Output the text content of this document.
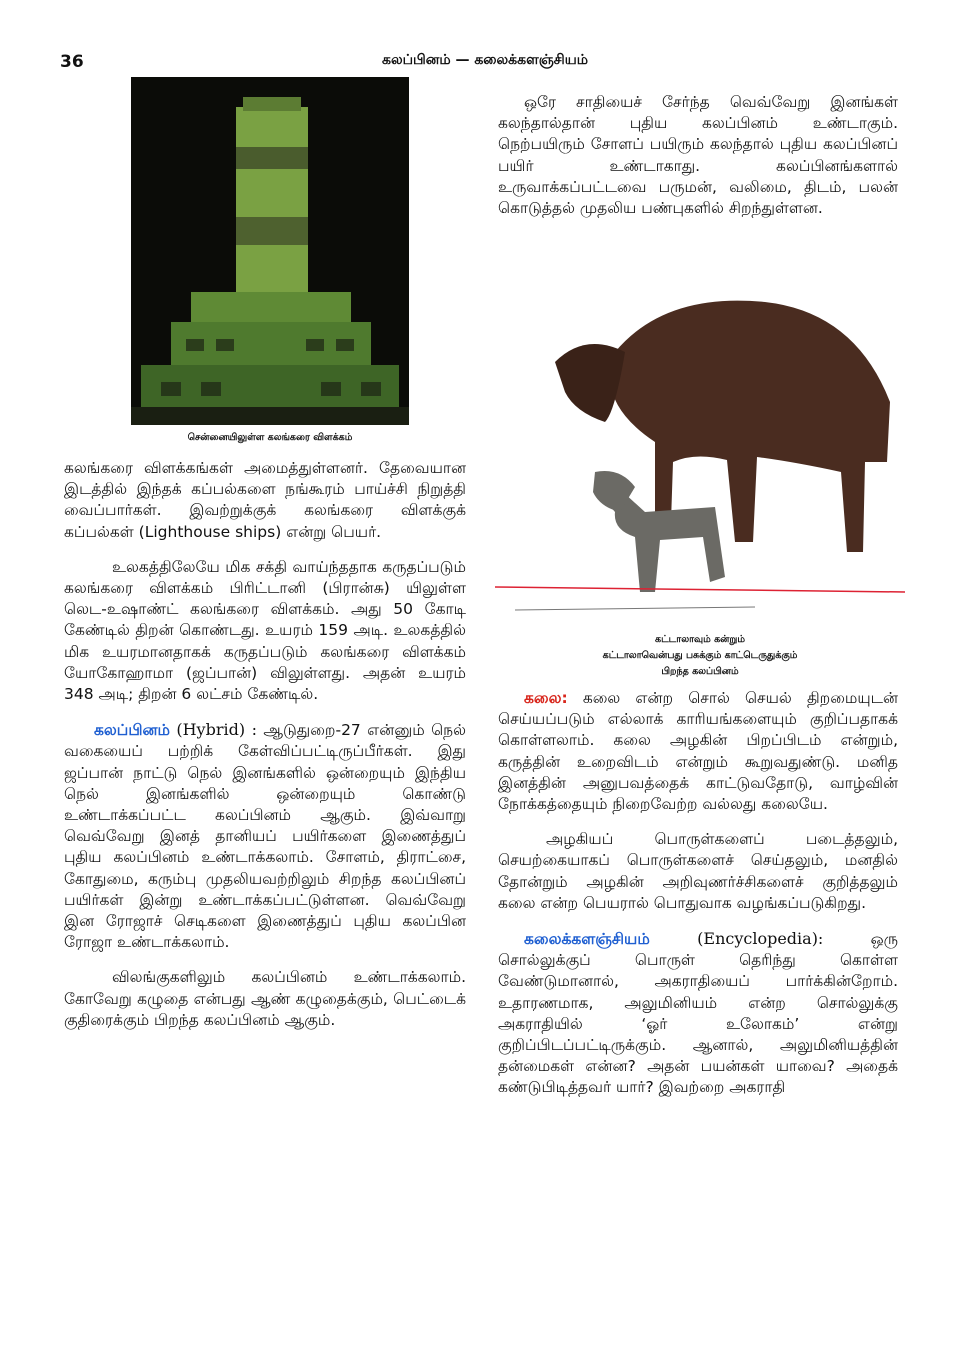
36	கலப்பினம் — கலைக்களஞ்சியம்
சென்னையிலுள்ள கலங்கரை விளக்கம்
கட்டாலாவும் கன்றும்
கட்டாலாவென்பது பசுக்கும் காட்டெருதுக்கும்
பிறந்த கலப்பினம்

கலங்கரை விளக்கங்கள் அமைத்துள்ளனர். தேவையான இடத்தில் இந்தக் கப்பல்களை நங்கூரம் பாய்ச்சி நிறுத்தி வைப்பார்கள். இவற்றுக்குக் கலங்கரை விளக்குக் கப்பல்கள் (Lighthouse ships) என்று பெயர்.

உலகத்திலேயே மிக சக்தி வாய்ந்ததாக கருதப்படும் கலங்கரை விளக்கம் பிரிட்டானி (பிரான்சு) யிலுள்ள லெட-உஷாண்ட் கலங்கரை விளக்கம். அது 50 கோடி கேண்டில் திறன் கொண்டது. உயரம் 159 அடி. உலகத்தில் மிக உயரமானதாகக் கருதப்படும் கலங்கரை விளக்கம் யோகோஹாமா (ஜப்பான்) விலுள்ளது. அதன் உயரம் 348 அடி; திறன் 6 லட்சம் கேண்டில்.

கலப்பினம் (Hybrid) : ஆடுதுறை-27 என்னும் நெல் வகையைப் பற்றிக் கேள்விப்பட்டிருப்பீர்கள். இது ஜப்பான் நாட்டு நெல் இனங்களில் ஒன்றையும் இந்திய நெல் இனங்களில் ஒன்றையும் கொண்டு உண்டாக்கப்பட்ட கலப்பினம் ஆகும். இவ்வாறு வெவ்வேறு இனத் தானியப் பயிர்களை இணைத்துப் புதிய கலப்பினம் உண்டாக்கலாம். சோளம், திராட்சை, கோதுமை, கரும்பு முதலியவற்றிலும் சிறந்த கலப்பினப் பயிர்கள் இன்று உண்டாக்கப்பட்டுள்ளன. வெவ்வேறு இன ரோஜாச் செடிகளை இணைத்துப் புதிய கலப்பின ரோஜா உண்டாக்கலாம்.

விலங்குகளிலும் கலப்பினம் உண்டாக்கலாம். கோவேறு கழுதை என்பது ஆண் கழுதைக்கும், பெட்டைக் குதிரைக்கும் பிறந்த கலப்பினம் ஆகும்.

ஒரே சாதியைச் சேர்ந்த வெவ்வேறு இனங்கள் கலந்தால்தான் புதிய கலப்பினம் உண்டாகும். நெற்பயிரும் சோளப் பயிரும் கலந்தால் புதிய கலப்பினப் பயிர் உண்டாகாது. கலப்பினங்களால் உருவாக்கப்பட்டவை பருமன், வலிமை, திடம், பலன் கொடுத்தல் முதலிய பண்புகளில் சிறந்துள்ளன.

கலை: கலை என்ற சொல் செயல் திறமையுடன் செய்யப்படும் எல்லாக் காரியங்களையும் குறிப்பதாகக் கொள்ளலாம். கலை அழகின் பிறப்பிடம் என்றும், கருத்தின் உறைவிடம் என்றும் கூறுவதுண்டு. மனித இனத்தின் அனுபவத்தைக் காட்டுவதோடு, வாழ்வின் நோக்கத்தையும் நிறைவேற்ற வல்லது கலையே.

அழகியப் பொருள்களைப் படைத்தலும், செயற்கையாகப் பொருள்களைச் செய்தலும், மனதில் தோன்றும் அழகின் அறிவுணர்ச்சிகளைச் குறித்தலும் கலை என்ற பெயரால் பொதுவாக வழங்கப்படுகிறது.

கலைக்களஞ்சியம்	(Encyclopedia):	ஒரு சொல்லுக்குப் பொருள் தெரிந்து கொள்ள வேண்டுமானால், அகராதியைப் பார்க்கின்றோம். உதாரணமாக, அலுமினியம் என்ற சொல்லுக்கு அகராதியில் ‘ஓர் உலோகம்’ என்று குறிப்பிடப்பட்டிருக்கும். ஆனால், அலுமினியத்தின் தன்மைகள் என்ன? அதன் பயன்கள் யாவை? அதைக் கண்டுபிடித்தவர் யார்? இவற்றை அகராதி
